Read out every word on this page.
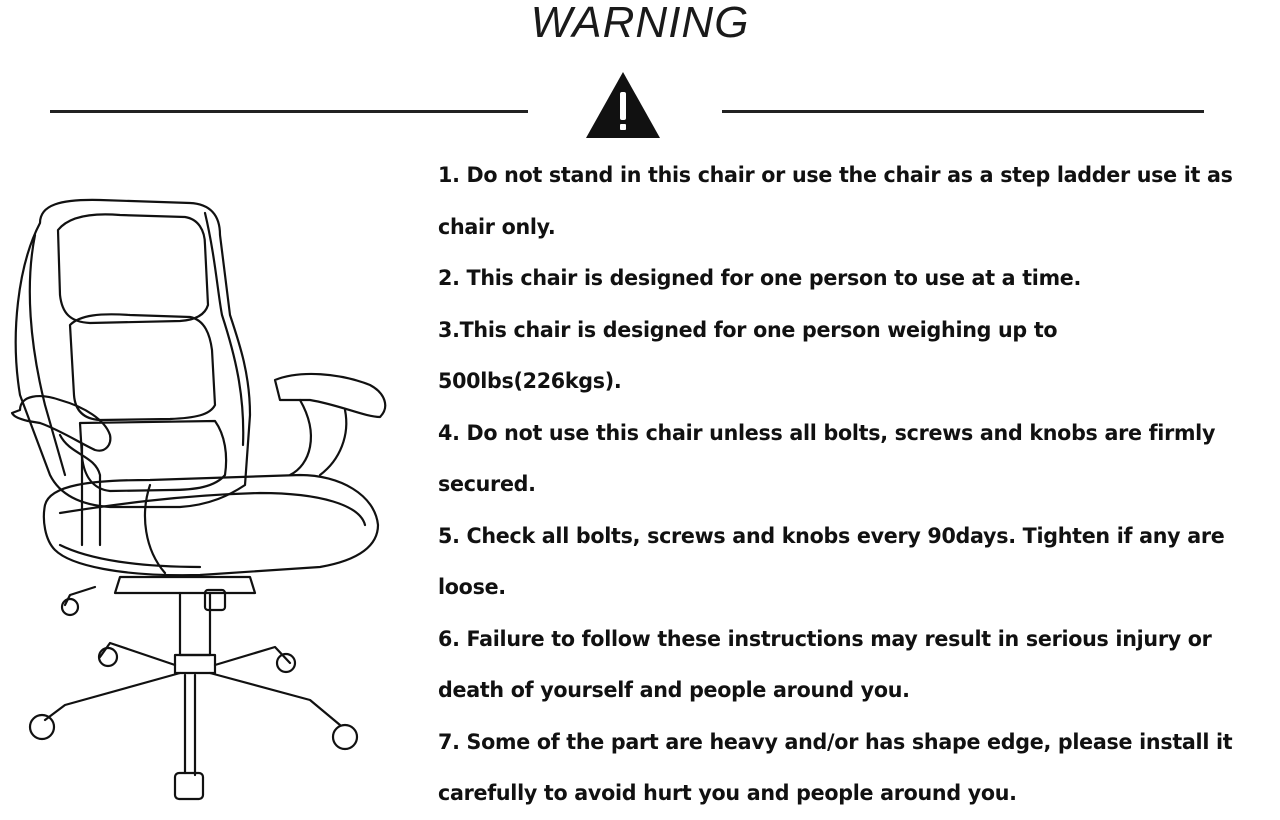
WARNING
1. Do not stand in this chair or use the chair as a step ladder use it as
chair only.
2. This chair is designed for one person to use at a time.
3.This chair is designed for one person weighing up to
500lbs(226kgs).
4. Do not use this chair unless all bolts, screws and knobs are firmly
secured.
5. Check all bolts, screws and knobs every 90days. Tighten if any are
loose.
6. Failure to follow these instructions may result in serious injury or
death of yourself and people around you.
7. Some of the part are heavy and/or has shape edge, please install it
carefully to avoid hurt you and people around you.
